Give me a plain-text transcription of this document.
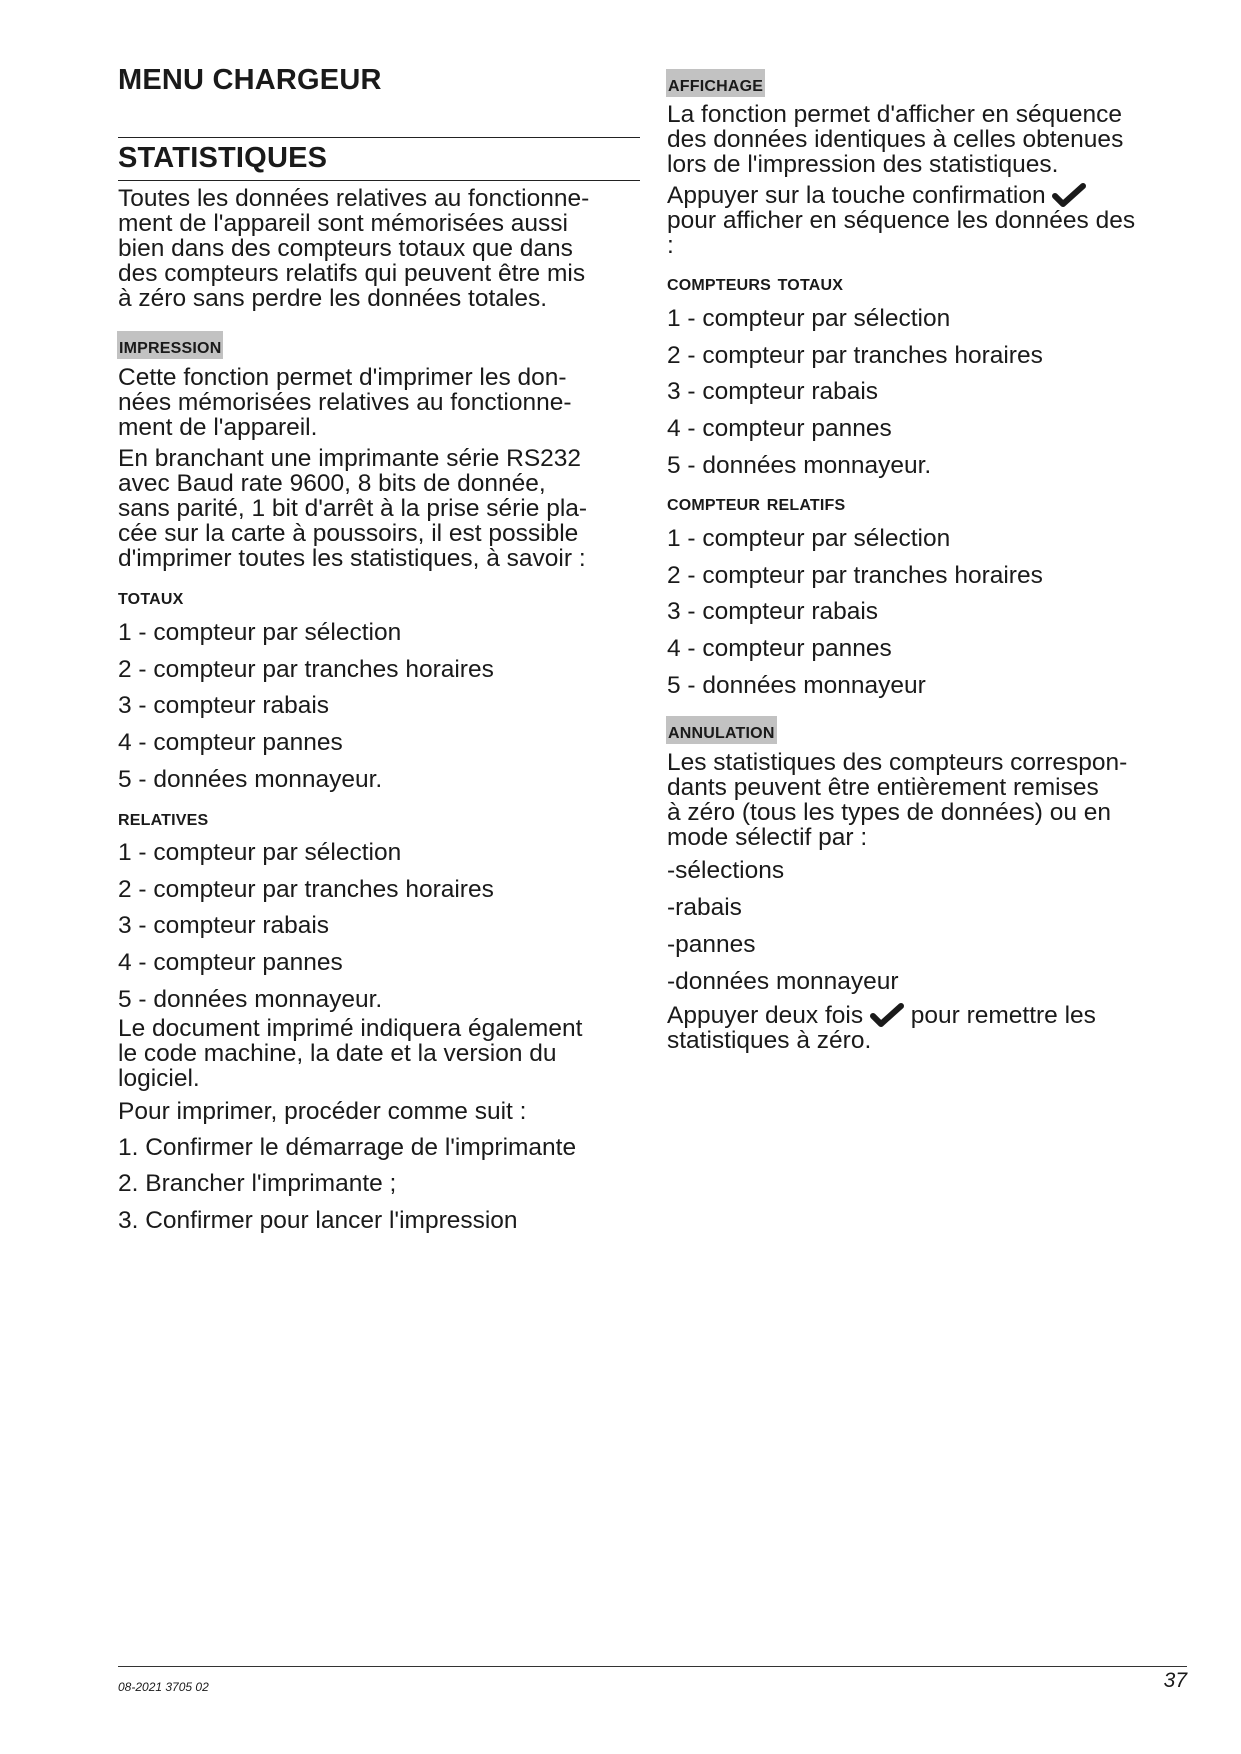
MENU CHARGEUR
STATISTIQUES
Toutes les données relatives au fonctionne-
ment de l'appareil sont mémorisées aussi
bien dans des compteurs totaux que dans
des compteurs relatifs qui peuvent être mis
à zéro sans perdre les données totales.
impression
Cette fonction permet d'imprimer les don-
nées mémorisées relatives au fonctionne-
ment de l'appareil.
En branchant une imprimante série RS232
avec Baud rate 9600, 8 bits de donnée,
sans parité, 1 bit d'arrêt à la prise série pla-
cée sur la carte à poussoirs, il est possible
d'imprimer toutes les statistiques, à savoir :
totaux
1 - compteur par sélection
2 - compteur par tranches horaires
3 - compteur rabais
4 - compteur pannes
5 - données monnayeur.
relatives
1 - compteur par sélection
2 - compteur par tranches horaires
3 - compteur rabais
4 - compteur pannes
5 - données monnayeur.
Le document imprimé indiquera également
le code machine, la date et la version du
logiciel.
Pour imprimer, procéder comme suit :
1. Confirmer le démarrage de l'imprimante
2. Brancher l'imprimante ;
3. Confirmer pour lancer l'impression
affichage
La fonction permet d'afficher en séquence
des données identiques à celles obtenues
lors de l'impression des statistiques.
Appuyer sur la touche confirmation
pour afficher en séquence les données des
:
compteurs totaux
1 - compteur par sélection
2 - compteur par tranches horaires
3 - compteur rabais
4 - compteur pannes
5 - données monnayeur.
compteur relatifs
1 - compteur par sélection
2 - compteur par tranches horaires
3 - compteur rabais
4 - compteur pannes
5 - données monnayeur
annulation
Les statistiques des compteurs correspon-
dants peuvent être entièrement remises
à zéro (tous les types de données) ou en
mode sélectif par :
-sélections
-rabais
-pannes
-données monnayeur
Appuyer deux fois pour remettre les
statistiques à zéro.
08-2021 3705 02	37
